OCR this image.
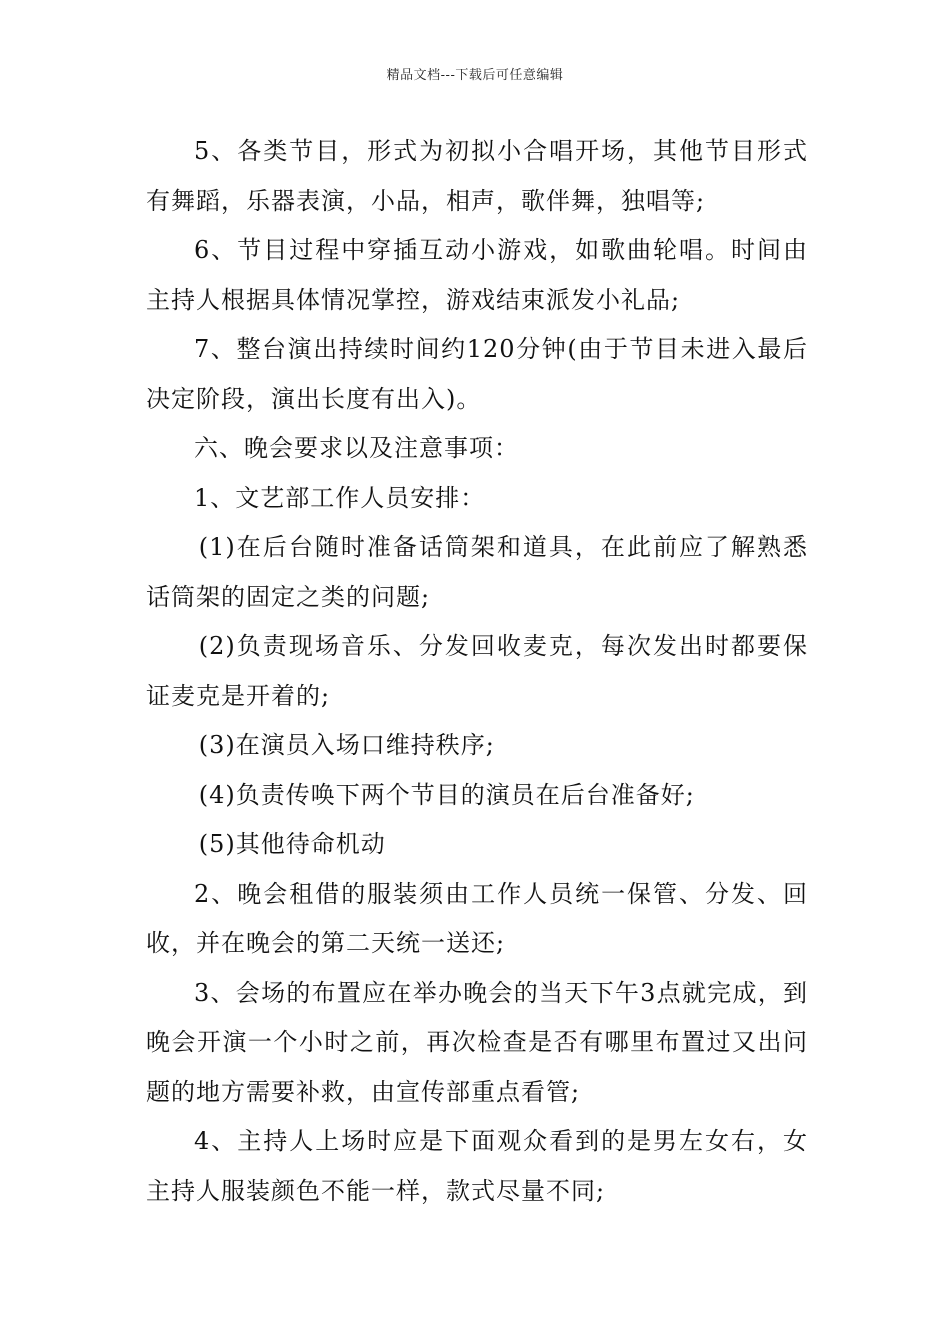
精品文档---下载后可任意编辑

5、各类节目，形式为初拟小合唱开场，其他节目形式有舞蹈，乐器表演，小品，相声，歌伴舞，独唱等;

6、节目过程中穿插互动小游戏，如歌曲轮唱。时间由主持人根据具体情况掌控，游戏结束派发小礼品;

7、整台演出持续时间约120分钟(由于节目未进入最后决定阶段，演出长度有出入)。

六、晚会要求以及注意事项：

1、文艺部工作人员安排：

(1)在后台随时准备话筒架和道具，在此前应了解熟悉话筒架的固定之类的问题;

(2)负责现场音乐、分发回收麦克，每次发出时都要保证麦克是开着的;

(3)在演员入场口维持秩序;

(4)负责传唤下两个节目的演员在后台准备好;

(5)其他待命机动

2、晚会租借的服装须由工作人员统一保管、分发、回收，并在晚会的第二天统一送还;

3、会场的布置应在举办晚会的当天下午3点就完成，到晚会开演一个小时之前，再次检查是否有哪里布置过又出问题的地方需要补救，由宣传部重点看管;

4、主持人上场时应是下面观众看到的是男左女右，女主持人服装颜色不能一样，款式尽量不同;
